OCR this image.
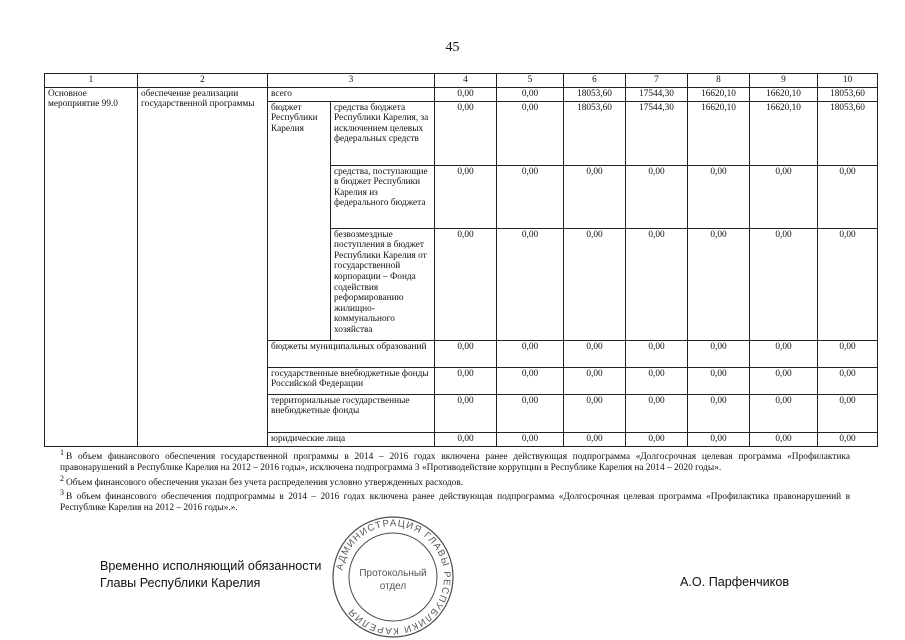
45
1	2	3		4	5	6	7	8	9	10
Основное мероприятие 99.0	обеспечение реализации государственной программы	всего		0,00	0,00	18053,60	17544,30	16620,10	16620,10	18053,60
		бюджет Республики Карелия	средства бюджета Республики Карелия, за исключением целевых федеральных средств	0,00	0,00	18053,60	17544,30	16620,10	16620,10	18053,60
			средства, поступающие в бюджет Республики Карелия из федерального бюджета	0,00	0,00	0,00	0,00	0,00	0,00	0,00
			безвозмездные поступления в бюджет Республики Карелия от государственной корпорации – Фонда содействия реформированию жилищно-коммунального хозяйства	0,00	0,00	0,00	0,00	0,00	0,00	0,00
		бюджеты муниципальных образований		0,00	0,00	0,00	0,00	0,00	0,00	0,00
		государственные внебюджетные фонды Российской Федерации		0,00	0,00	0,00	0,00	0,00	0,00	0,00
		территориальные государственные внебюджетные фонды		0,00	0,00	0,00	0,00	0,00	0,00	0,00
		юридические лица		0,00	0,00	0,00	0,00	0,00	0,00	0,00

$^1$ В объем финансового обеспечения государственной программы в 2014 – 2016 годах включена ранее действующая подпрограмма «Долгосрочная целевая программа «Профилактика правонарушений в Республике Карелия на 2012 – 2016 годы», исключена подпрограмма 3 «Противодействие коррупции в Республике Карелия на 2014 – 2020 годы».

$^2$ Объем финансового обеспечения указан без учета распределения условно утвержденных расходов.

$^3$ В объем финансового обеспечения подпрограммы в 2014 – 2016 годах включена ранее действующая подпрограмма «Долгосрочная целевая программа «Профилактика правонарушений в Республике Карелия на 2012 – 2016 годы».».

Временно исполняющий обязанности
Главы Республики Карелия	А.О. Парфенчиков
АДМИНИСТРАЦИЯ ГЛАВЫ РЕСПУБЛИКИ КАРЕЛИЯ
Протокольный
отдел
